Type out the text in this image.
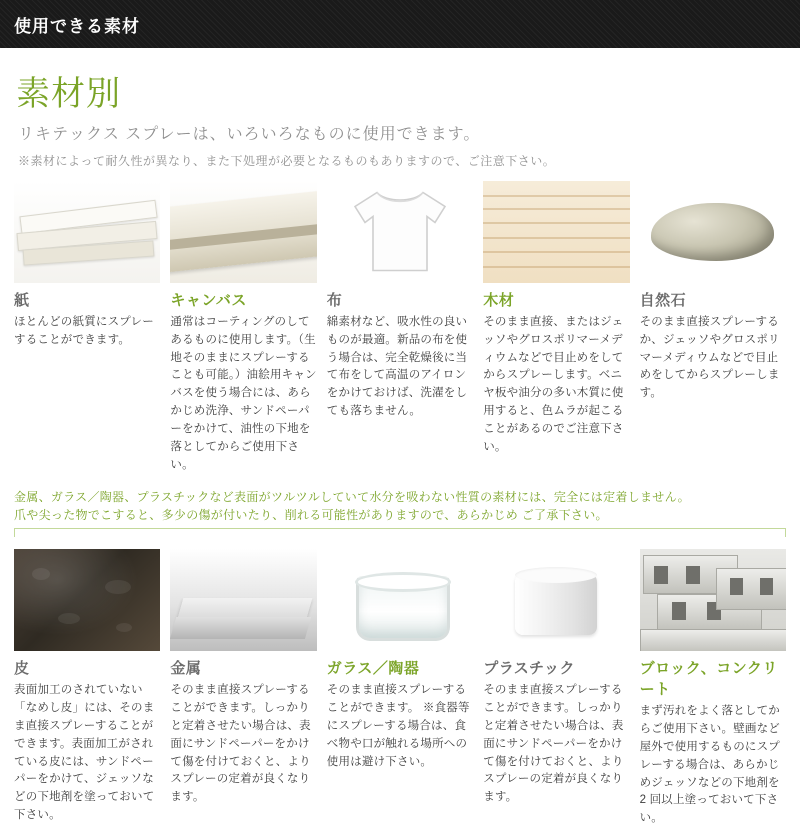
使用できる素材
素材別
リキテックス スプレーは、いろいろなものに使用できます。
※素材によって耐久性が異なり、また下処理が必要となるものもありますので、ご注意下さい。
紙
ほとんどの紙質にスプレーすることができます。
キャンバス
通常はコーティングのしてあるものに使用します。（生地そのままにスプレーすることも可能。）油絵用キャンバスを使う場合には、あらかじめ洗浄、サンドペーパーをかけて、油性の下地を落としてからご使用下さい。
布
綿素材など、吸水性の良いものが最適。新品の布を使う場合は、完全乾燥後に当て布をして高温のアイロンをかけておけば、洗濯をしても落ちません。
木材
そのまま直接、またはジェッソやグロスポリマーメディウムなどで目止めをしてからスプレーします。ベニヤ板や油分の多い木質に使用すると、色ムラが起こることがあるのでご注意下さい。
自然石
そのまま直接スプレーするか、ジェッソやグロスポリマーメディウムなどで目止めをしてからスプレーします。
金属、ガラス／陶器、プラスチックなど表面がツルツルしていて水分を吸わない性質の素材には、完全には定着しません。
爪や尖った物でこすると、多少の傷が付いたり、削れる可能性がありますので、あらかじめ ご了承下さい。
皮
表面加工のされていない「なめし皮」には、そのまま直接スプレーすることができます。表面加工がされている皮には、サンドペーパーをかけて、ジェッソなどの下地剤を塗っておいて下さい。
金属
そのまま直接スプレーすることができます。しっかりと定着させたい場合は、表面にサンドペーパーをかけて傷を付けておくと、よりスプレーの定着が良くなります。
ガラス／陶器
そのまま直接スプレーすることができます。 ※食器等にスプレーする場合は、食べ物や口が触れる場所への使用は避け下さい。
プラスチック
そのまま直接スプレーすることができます。しっかりと定着させたい場合は、表面にサンドペーパーをかけて傷を付けておくと、よりスプレーの定着が良くなります。
ブロック、コンクリート
まず汚れをよく落としてからご使用下さい。壁画など屋外で使用するものにスプレーする場合は、あらかじめジェッソなどの下地剤を 2 回以上塗っておいて下さい。
